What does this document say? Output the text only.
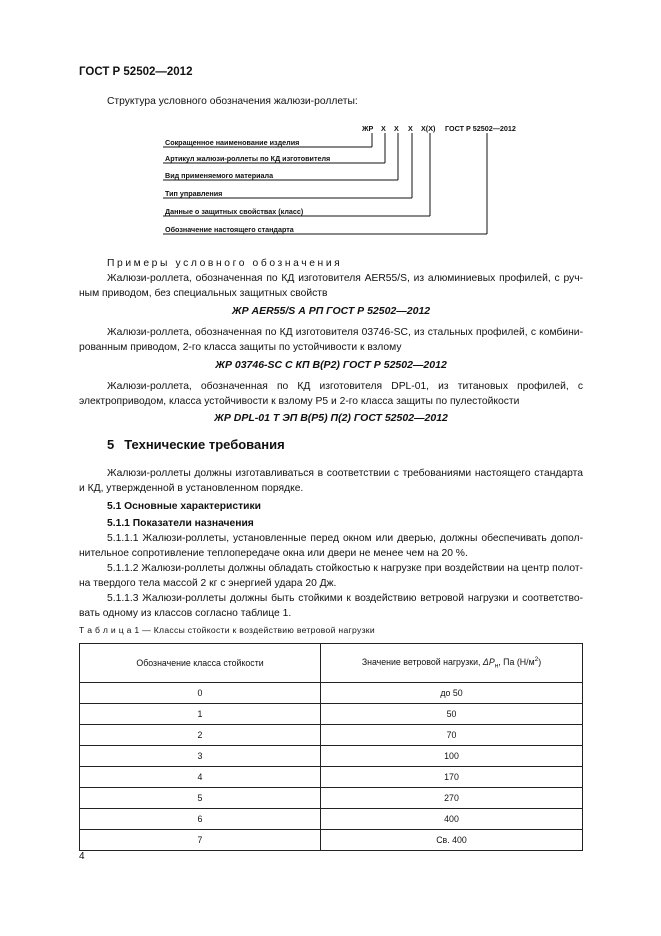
ГОСТ Р 52502—2012
Структура условного обозначения жалюзи-роллеты:
ЖР Х Х Х Х(Х) ГОСТ Р 52502—2012
Сокращенное наименование изделия
Артикул жалюзи-роллеты по КД изготовителя
Вид применяемого материала
Тип управления
Данные о защитных свойствах (класс)
Обозначение настоящего стандарта
Примеры условного обозначения
Жалюзи-роллета, обозначенная по КД изготовителя AER55/S, из алюминиевых профилей, с руч-
ным приводом, без специальных защитных свойств
ЖР AER55/S А РП ГОСТ Р 52502—2012
Жалюзи-роллета, обозначенная по КД изготовителя 03746-SC, из стальных профилей, с комбини-
рованным приводом, 2-го класса защиты по устойчивости к взлому
ЖР 03746-SC С КП В(Р2) ГОСТ Р 52502—2012
Жалюзи-роллета, обозначенная по КД изготовителя DPL-01, из титановых профилей, с
электроприводом, класса устойчивости к взлому Р5 и 2-го класса защиты по пулестойкости
ЖР DPL-01 Т ЭП В(Р5) П(2) ГОСТ 52502—2012
5 Технические требования
Жалюзи-роллеты должны изготавливаться в соответствии с требованиями настоящего стандарта
и КД, утвержденной в установленном порядке.
5.1 Основные характеристики
5.1.1 Показатели назначения
5.1.1.1 Жалюзи-роллеты, установленные перед окном или дверью, должны обеспечивать допол-
нительное сопротивление теплопередаче окна или двери не менее чем на 20 %.
5.1.1.2 Жалюзи-роллеты должны обладать стойкостью к нагрузке при воздействии на центр полот-
на твердого тела массой 2 кг с энергией удара 20 Дж.
5.1.1.3 Жалюзи-роллеты должны быть стойкими к воздействию ветровой нагрузки и соответство-
вать одному из классов согласно таблице 1.
Т а б л и ц а 1 — Классы стойкости к воздействию ветровой нагрузки
Обозначение класса стойкости	Значение ветровой нагрузки, $\Delta P_н$, Па $(Н/м^2)$
0	до 50
1	50
2	70
3	100
4	170
5	270
6	400
7	Св. 400
4
